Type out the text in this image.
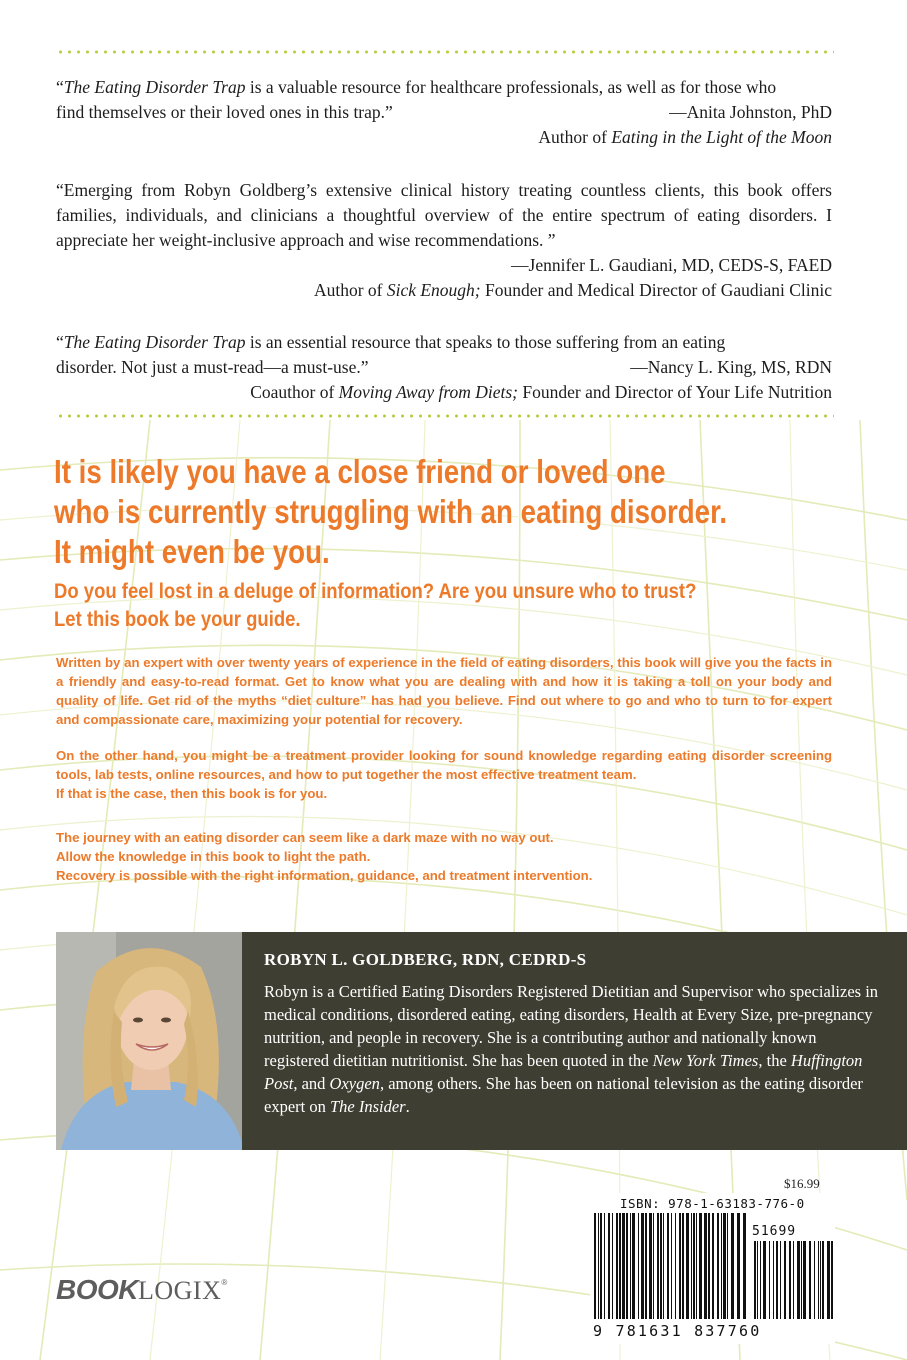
“The Eating Disorder Trap is a valuable resource for healthcare professionals, as well as for those who

find themselves or their loved ones in this trap.”	—Anita Johnston, PhD

Author of Eating in the Light of the Moon

“Emerging from Robyn Goldberg’s extensive clinical history treating countless clients, this book offers families, individuals, and clinicians a thoughtful overview of the entire spectrum of eating disorders. I appreciate her weight-inclusive approach and wise recommendations. ”

—Jennifer L. Gaudiani, MD, CEDS-S, FAED

Author of Sick Enough; Founder and Medical Director of Gaudiani Clinic

“The Eating Disorder Trap is an essential resource that speaks to those suffering from an eating

disorder. Not just a must-read—a must-use.”	—Nancy L. King, MS, RDN

Coauthor of Moving Away from Diets; Founder and Director of Your Life Nutrition

It is likely you have a close friend or loved one
who is currently struggling with an eating disorder.
It might even be you.
Do you feel lost in a deluge of information? Are you unsure who to trust?
Let this book be your guide.

Written by an expert with over twenty years of experience in the field of eating disorders, this book will give you the facts in a friendly and easy-to-read format. Get to know what you are dealing with and how it is taking a toll on your body and quality of life. Get rid of the myths “diet culture” has had you believe. Find out where to go and who to turn to for expert and compassionate care, maximizing your potential for recovery.

On the other hand, you might be a treatment provider looking for sound knowledge regarding eating disorder screening tools, lab tests, online resources, and how to put together the most effective treatment team.

If that is the case, then this book is for you.

The journey with an eating disorder can seem like a dark maze with no way out.

Allow the knowledge in this book to light the path.

Recovery is possible with the right information, guidance, and treatment intervention.

ROBYN L. GOLDBERG, RDN, CEDRD-S

Robyn is a Certified Eating Disorders Registered Dietitian and Supervisor who specializes in medical conditions, disordered eating, eating disorders, Health at Every Size, pre-pregnancy nutrition, and people in recovery. She is a contributing author and nationally known registered dietitian nutritionist. She has been quoted in the New York Times, the Huffington Post, and Oxygen, among others. She has been on national television as the eating disorder expert on The Insider.

$16.99
ISBN: 978-1-63183-776-0
51699
9 781631 837760
BOOKLOGIX®
